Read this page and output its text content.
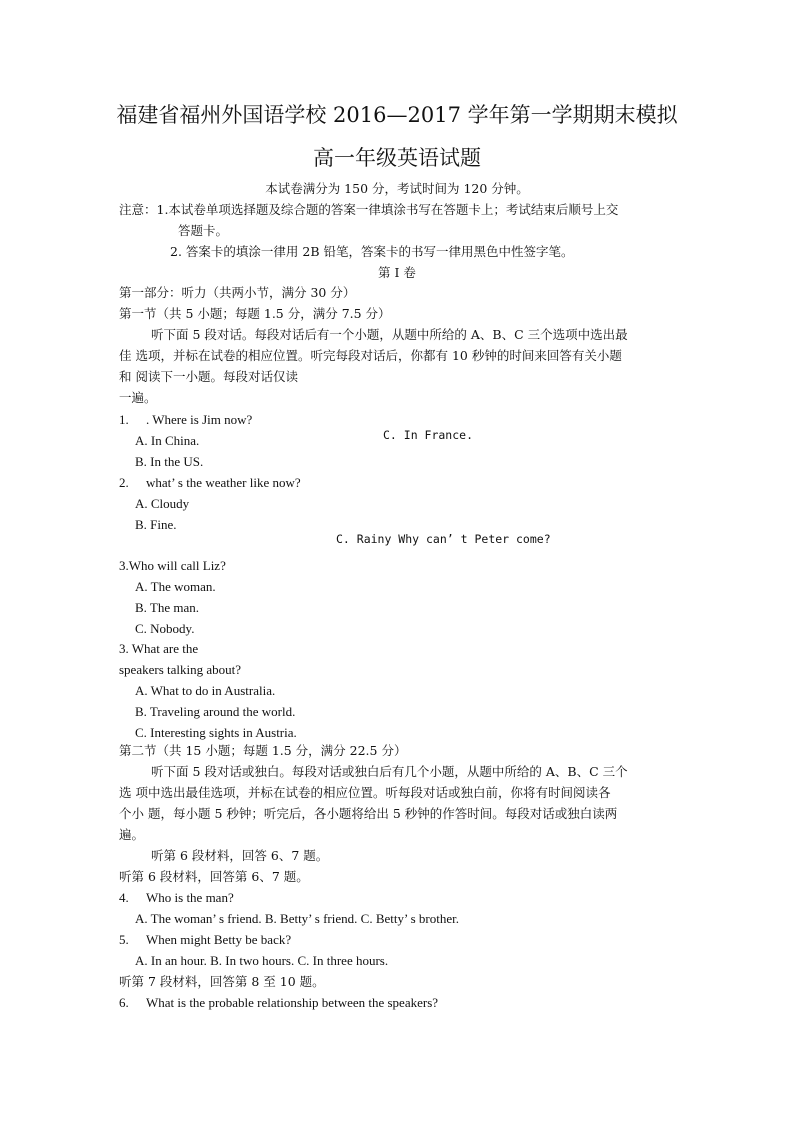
福建省福州外国语学校 2016—2017 学年第一学期期末模拟
高一年级英语试题
本试卷满分为 150 分，考试时间为 120 分钟。
注意：1.本试卷单项选择题及综合题的答案一律填涂书写在答题卡上；考试结束后顺号上交
答题卡。
2. 答案卡的填涂一律用 2B 铅笔，答案卡的书写一律用黑色中性签字笔。
第 I 卷
第一部分：听力（共两小节，满分 30 分）
第一节（共 5 小题；每题 1.5 分，满分 7.5 分）
听下面 5 段对话。每段对话后有一个小题，从题中所给的 A、B、C 三个选项中选出最
佳 选项，并标在试卷的相应位置。听完每段对话后，你都有 10 秒钟的时间来回答有关小题
和 阅读下一小题。每段对话仅读
一遍。
1. . Where is Jim now?
A. In China.	C. In France.
B. In the US.
2. what’ s the weather like now?
A. Cloudy
B. Fine.
C. Rainy Why can’ t Peter come?
3.Who will call Liz?
A. The woman.
B. The man.
C. Nobody.
3. What are the
speakers talking about?
A. What to do in Australia.
B. Traveling around the world.
C. Interesting sights in Austria.
第二节（共 15 小题；每题 1.5 分，满分 22.5 分）
听下面 5 段对话或独白。每段对话或独白后有几个小题，从题中所给的 A、B、C 三个
选 项中选出最佳选项，并标在试卷的相应位置。听每段对话或独白前，你将有时间阅读各
个小 题，每小题 5 秒钟；听完后，各小题将给出 5 秒钟的作答时间。每段对话或独白读两
遍。
听第 6 段材料，回答 6、7 题。
听第 6 段材料，回答第 6、7 题。
4. Who is the man?
A. The woman’ s friend. B. Betty’ s friend. C. Betty’ s brother.
5. When might Betty be back?
A. In an hour. B. In two hours. C. In three hours.
听第 7 段材料，回答第 8 至 10 题。
6. What is the probable relationship between the speakers?
